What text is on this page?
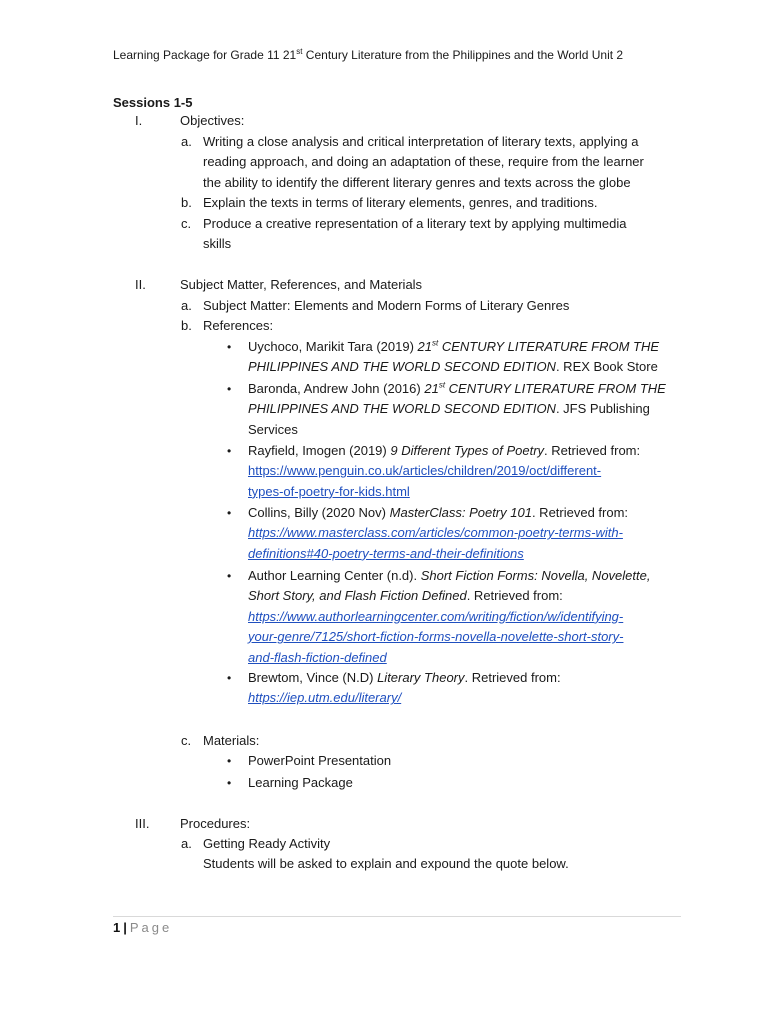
Learning Package for Grade 11 21st Century Literature from the Philippines and the World Unit 2
Sessions 1-5
I.	Objectives:
a. Writing a close analysis and critical interpretation of literary texts, applying a
reading approach, and doing an adaptation of these, require from the learner
the ability to identify the different literary genres and texts across the globe
b. Explain the texts in terms of literary elements, genres, and traditions.
c. Produce a creative representation of a literary text by applying multimedia
skills
II.	Subject Matter, References, and Materials
a. Subject Matter: Elements and Modern Forms of Literary Genres
b. References:
• Uychoco, Marikit Tara (2019) 21st CENTURY LITERATURE FROM THE
PHILIPPINES AND THE WORLD SECOND EDITION. REX Book Store
• Baronda, Andrew John (2016) 21st CENTURY LITERATURE FROM THE
PHILIPPINES AND THE WORLD SECOND EDITION. JFS Publishing
Services
• Rayfield, Imogen (2019) 9 Different Types of Poetry. Retrieved from:
https://www.penguin.co.uk/articles/children/2019/oct/different-
types-of-poetry-for-kids.html
• Collins, Billy (2020 Nov) MasterClass: Poetry 101. Retrieved from:
https://www.masterclass.com/articles/common-poetry-terms-with-
definitions#40-poetry-terms-and-their-definitions
• Author Learning Center (n.d). Short Fiction Forms: Novella, Novelette,
Short Story, and Flash Fiction Defined. Retrieved from:
https://www.authorlearningcenter.com/writing/fiction/w/identifying-
your-genre/7125/short-fiction-forms-novella-novelette-short-story-
and-flash-fiction-defined
• Brewtom, Vince (N.D) Literary Theory. Retrieved from:
https://iep.utm.edu/literary/
c. Materials:
• PowerPoint Presentation
• Learning Package
III. Procedures:
a. Getting Ready Activity
Students will be asked to explain and expound the quote below.
1 | Page
